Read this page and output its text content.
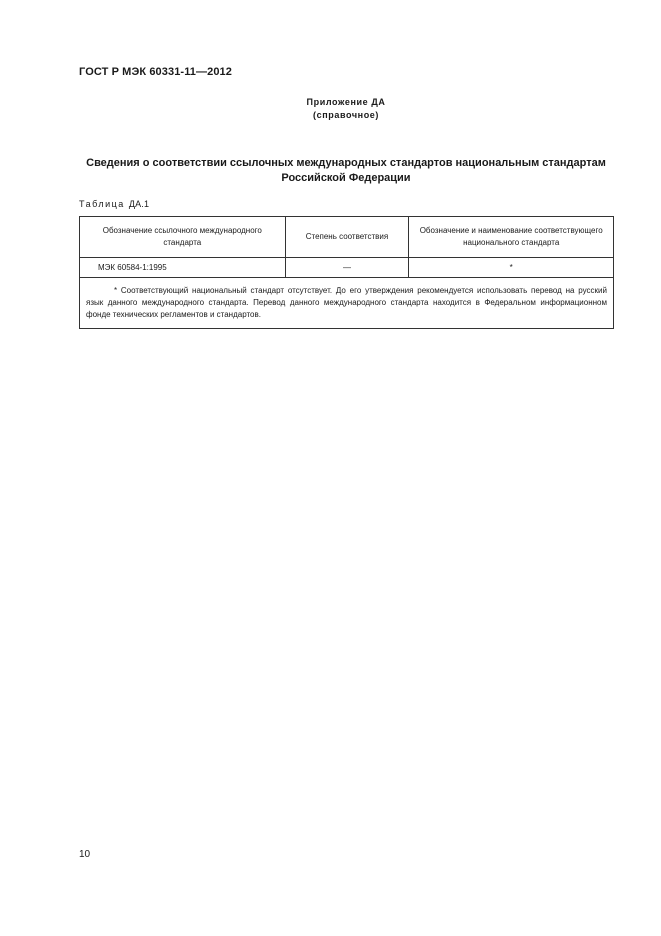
ГОСТ Р МЭК 60331-11—2012
Приложение ДА
(справочное)
Сведения о соответствии ссылочных международных стандартов национальным стандартам
Российской Федерации
Таблица ДА.1
Обозначение ссылочного международного стандарта	Степень соответствия	Обозначение и наименование соответствующего национального стандарта
МЭК 60584-1:1995	—	*
* Соответствующий национальный стандарт отсутствует. До его утверждения рекомендуется использовать перевод на русский язык данного международного стандарта. Перевод данного международного стандарта находится в Федеральном информационном фонде технических регламентов и стандартов.		
10
